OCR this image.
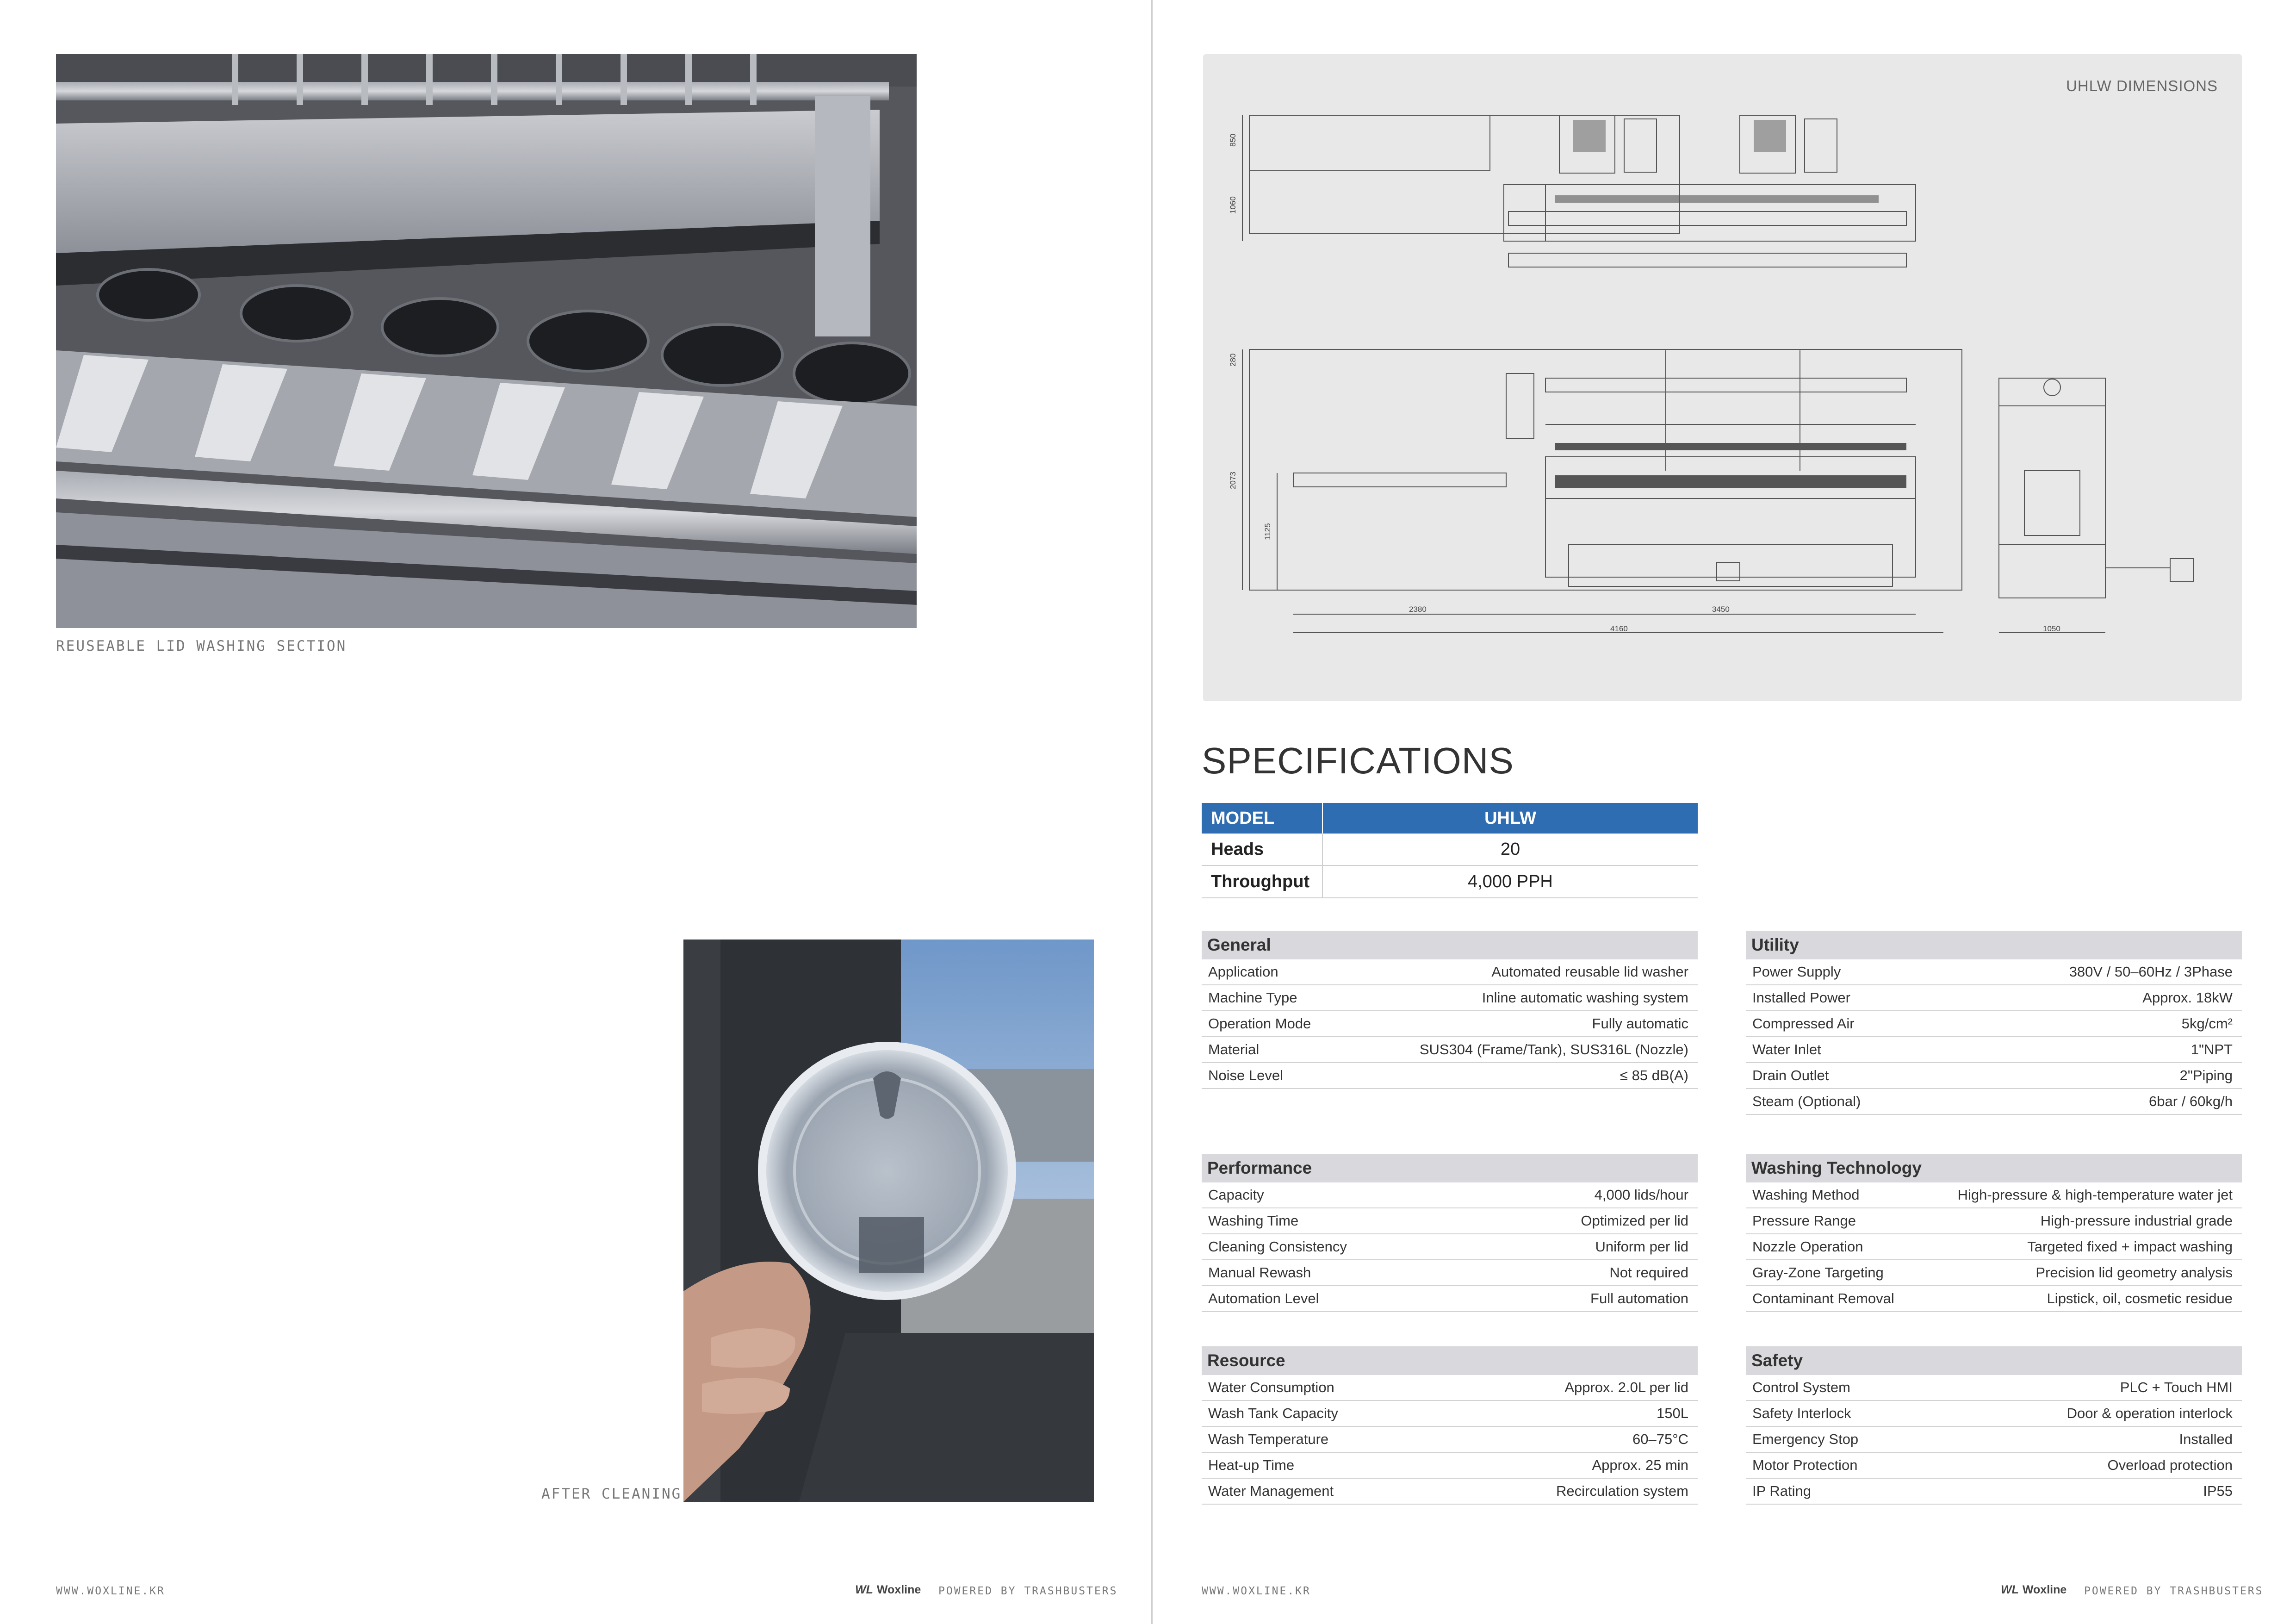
REUSEABLE LID WASHING SECTION
AFTER CLEANING
WWW.WOXLINE.KR	WL Woxline POWERED BY TRASHBUSTERS
UHLW DIMENSIONS
850
1060
280
2073
1125
2380	3450
4160	1050
SPECIFICATIONS
MODEL	UHLW
Heads	20
Throughput	4,000 PPH
General
Application	Automated reusable lid washer
Machine Type	Inline automatic washing system
Operation Mode	Fully automatic
Material	SUS304 (Frame/Tank), SUS316L (Nozzle)
Noise Level	≤ 85 dB(A)
Utility
Power Supply	380V / 50–60Hz / 3Phase
Installed Power	Approx. 18kW
Compressed Air	5kg/cm²
Water Inlet	1"NPT
Drain Outlet	2"Piping
Steam (Optional)	6bar / 60kg/h
Performance
Capacity	4,000 lids/hour
Washing Time	Optimized per lid
Cleaning Consistency	Uniform per lid
Manual Rewash	Not required
Automation Level	Full automation
Washing Technology
Washing Method	High-pressure & high-temperature water jet
Pressure Range	High-pressure industrial grade
Nozzle Operation	Targeted fixed + impact washing
Gray-Zone Targeting	Precision lid geometry analysis
Contaminant Removal	Lipstick, oil, cosmetic residue
Resource
Water Consumption	Approx. 2.0L per lid
Wash Tank Capacity	150L
Wash Temperature	60–75°C
Heat-up Time	Approx. 25 min
Water Management	Recirculation system
Safety
Control System	PLC + Touch HMI
Safety Interlock	Door & operation interlock
Emergency Stop	Installed
Motor Protection	Overload protection
IP Rating	IP55
WWW.WOXLINE.KR	WL Woxline POWERED BY TRASHBUSTERS
